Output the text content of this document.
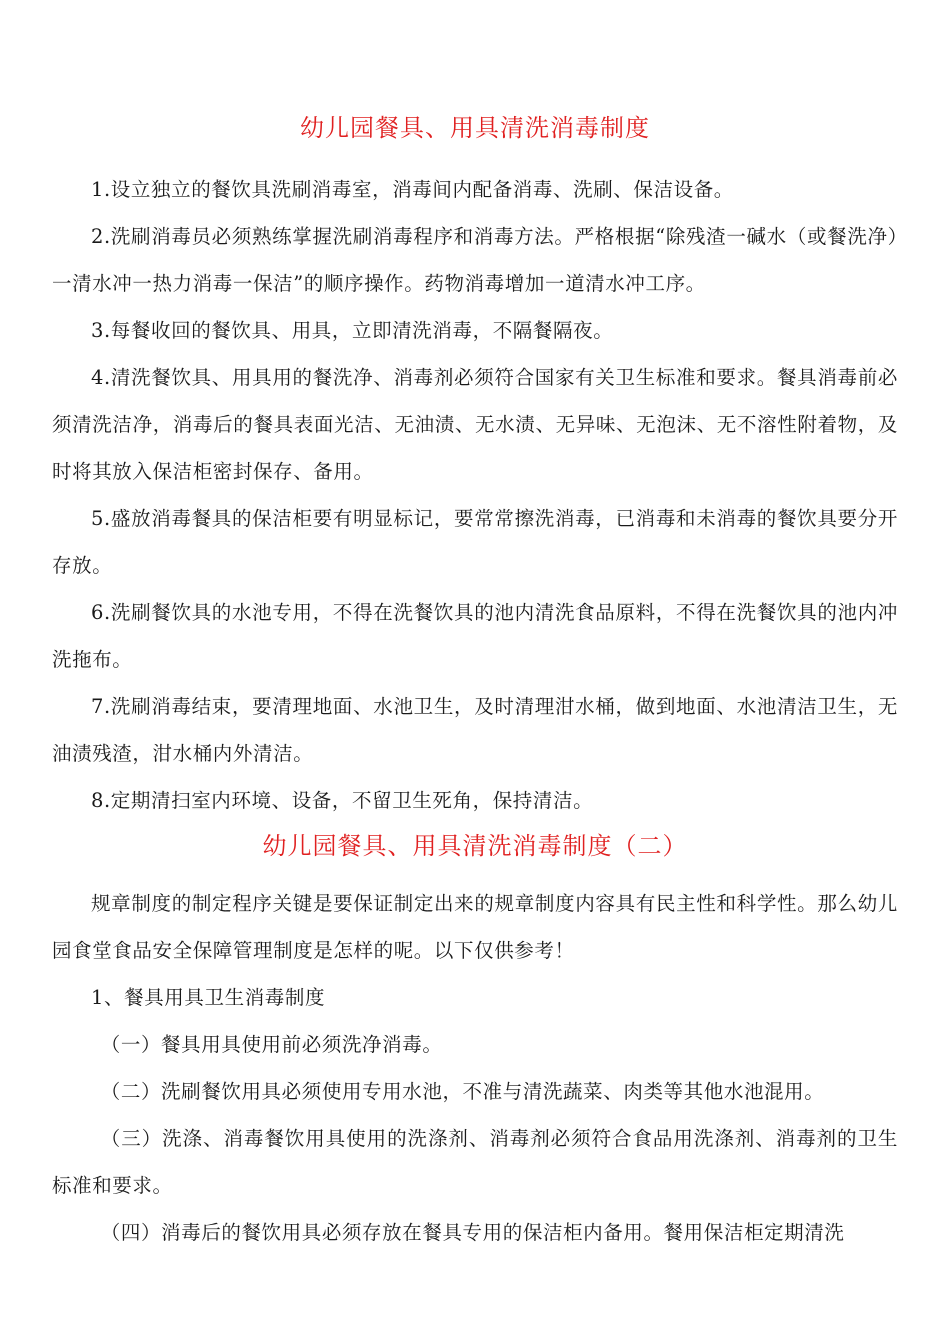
幼儿园餐具、用具清洗消毒制度

1.设立独立的餐饮具洗刷消毒室，消毒间内配备消毒、洗刷、保洁设备。

2.洗刷消毒员必须熟练掌握洗刷消毒程序和消毒方法。严格根据“除残渣一碱水（或餐洗净）一清水冲一热力消毒一保洁”的顺序操作。药物消毒增加一道清水冲工序。

3.每餐收回的餐饮具、用具，立即清洗消毒，不隔餐隔夜。

4.清洗餐饮具、用具用的餐洗净、消毒剂必须符合国家有关卫生标准和要求。餐具消毒前必须清洗洁净，消毒后的餐具表面光洁、无油渍、无水渍、无异味、无泡沫、无不溶性附着物，及时将其放入保洁柜密封保存、备用。

5.盛放消毒餐具的保洁柜要有明显标记，要常常擦洗消毒，已消毒和未消毒的餐饮具要分开存放。

6.洗刷餐饮具的水池专用，不得在洗餐饮具的池内清洗食品原料，不得在洗餐饮具的池内冲洗拖布。

7.洗刷消毒结束，要清理地面、水池卫生，及时清理泔水桶，做到地面、水池清洁卫生，无油渍残渣，泔水桶内外清洁。

8.定期清扫室内环境、设备，不留卫生死角，保持清洁。

幼儿园餐具、用具清洗消毒制度（二）

规章制度的制定程序关键是要保证制定出来的规章制度内容具有民主性和科学性。那么幼儿园食堂食品安全保障管理制度是怎样的呢。以下仅供参考！

1、餐具用具卫生消毒制度

（一）餐具用具使用前必须洗净消毒。

（二）洗刷餐饮用具必须使用专用水池，不准与清洗蔬菜、肉类等其他水池混用。

（三）洗涤、消毒餐饮用具使用的洗涤剂、消毒剂必须符合食品用洗涤剂、消毒剂的卫生标准和要求。

（四）消毒后的餐饮用具必须存放在餐具专用的保洁柜内备用。餐用保洁柜定期清洗
